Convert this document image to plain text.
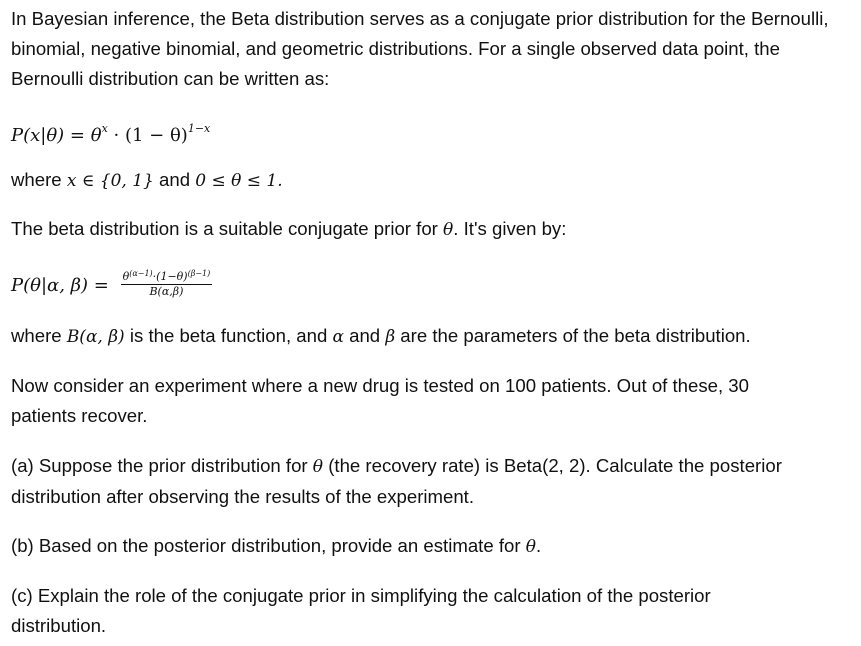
In Bayesian inference, the Beta distribution serves as a conjugate prior distribution for the Bernoulli, binomial, negative binomial, and geometric distributions. For a single observed data point, the Bernoulli distribution can be written as:

$P(x|\theta) = \theta^x \cdot (1 - \theta)^{1-x}$

where x ∈ {0, 1} and 0 ≤ θ ≤ 1.

The beta distribution is a suitable conjugate prior for θ. It's given by:

P(θ|α, $\beta) = \frac{\theta^{(\alpha-1)}\cdot(1-\theta)^{(\beta-1)}}{B(\alpha,\beta)}$

where B(α, β) is the beta function, and α and β are the parameters of the beta distribution.

Now consider an experiment where a new drug is tested on 100 patients. Out of these, 30 patients recover.

(a) Suppose the prior distribution for θ (the recovery rate) is Beta(2, 2). Calculate the posterior distribution after observing the results of the experiment.

(b) Based on the posterior distribution, provide an estimate for θ.

(c) Explain the role of the conjugate prior in simplifying the calculation of the posterior distribution.
